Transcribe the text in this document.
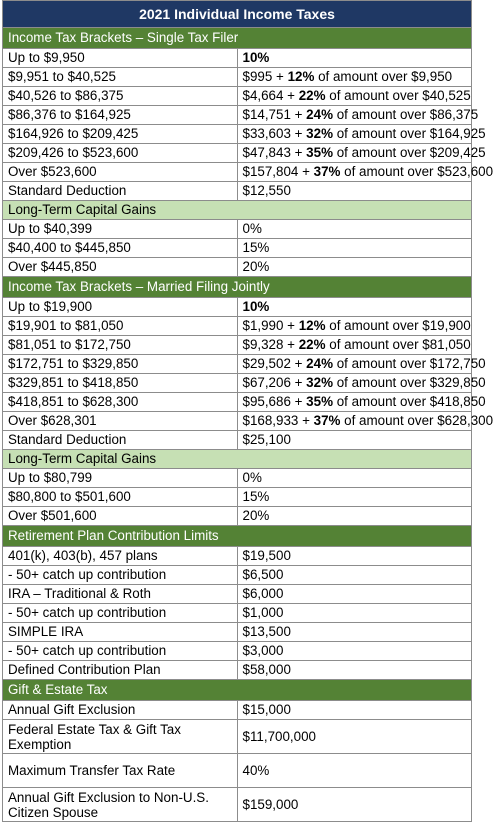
2021 Individual Income Taxes	
Income Tax Brackets – Single Tax Filer	
Up to $9,950	10%
$9,951 to $40,525	$995 + 12% of amount over $9,950
$40,526 to $86,375	$4,664 + 22% of amount over $40,525
$86,376 to $164,925	$14,751 + 24% of amount over $86,375
$164,926 to $209,425	$33,603 + 32% of amount over $164,925
$209,426 to $523,600	$47,843 + 35% of amount over $209,425
Over $523,600	$157,804 + 37% of amount over $523,600
Standard Deduction	$12,550
Long-Term Capital Gains	
Up to $40,399	0%
$40,400 to $445,850	15%
Over $445,850	20%
Income Tax Brackets – Married Filing Jointly	
Up to $19,900	10%
$19,901 to $81,050	$1,990 + 12% of amount over $19,900
$81,051 to $172,750	$9,328 + 22% of amount over $81,050
$172,751 to $329,850	$29,502 + 24% of amount over $172,750
$329,851 to $418,850	$67,206 + 32% of amount over $329,850
$418,851 to $628,300	$95,686 + 35% of amount over $418,850
Over $628,301	$168,933 + 37% of amount over $628,300
Standard Deduction	$25,100
Long-Term Capital Gains	
Up to $80,799	0%
$80,800 to $501,600	15%
Over $501,600	20%
Retirement Plan Contribution Limits	
401(k), 403(b), 457 plans	$19,500
- 50+ catch up contribution	$6,500
IRA – Traditional & Roth	$6,000
- 50+ catch up contribution	$1,000
SIMPLE IRA	$13,500
- 50+ catch up contribution	$3,000
Defined Contribution Plan	$58,000
Gift & Estate Tax	
Annual Gift Exclusion	$15,000
Federal Estate Tax & Gift Tax Exemption	$11,700,000
Maximum Transfer Tax Rate	40%
Annual Gift Exclusion to Non-U.S. Citizen Spouse	$159,000
